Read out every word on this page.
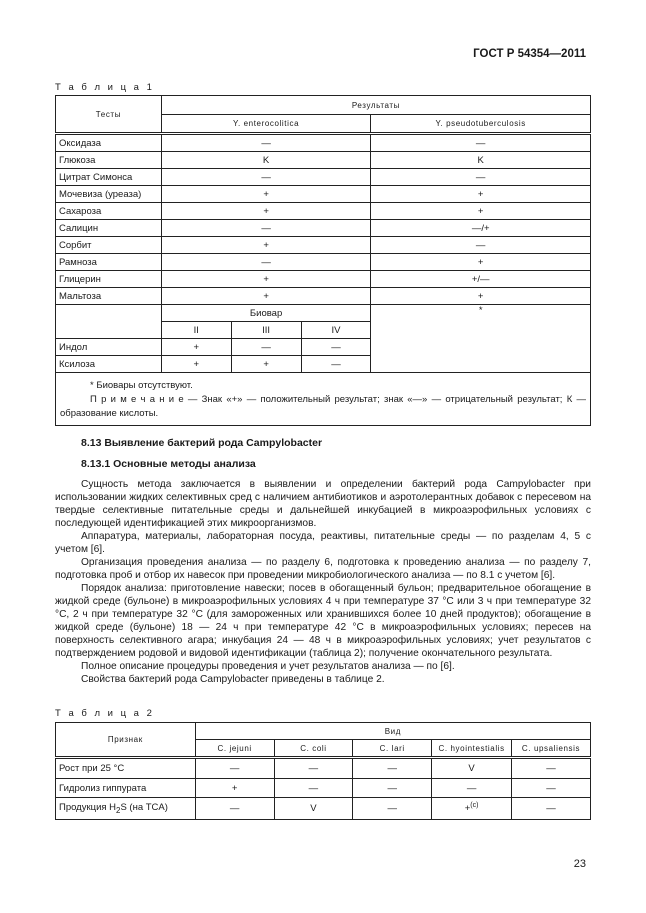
ГОСТ Р 54354—2011
Т а б л и ц а 1
Тесты	Результаты			
	Y. enterocolitica			Y. pseudotuberculosis
Оксидаза	—			—
Глюкоза	K			K
Цитрат Симонса	—			—
Мочевиза (уреаза)	+			+
Сахароза	+			+
Салицин	—			—/+
Сорбит	+			—
Рамноза	—			+
Глицерин	+			+/—
Мальтоза	+			+
	Биовар			*
	II	III	IV	
Индол	+	—	—	
Ксилоза	+	+	—	

* Биовары отсутствуют.
П р и м е ч а н и е — Знак «+» — положительный результат; знак «—» — отрицательный результат; К — образование кислоты.				
8.13 Выявление бактерий рода Campylobacter
8.13.1 Основные методы анализа

Сущность метода заключается в выявлении и определении бактерий рода Campylobacter при использовании жидких селективных сред с наличием антибиотиков и аэротолерантных добавок с пересевом на твердые селективные питательные среды и дальнейшей инкубацией в микроаэрофильных условиях с последующей идентификацией этих микроорганизмов.

Аппаратура, материалы, лабораторная посуда, реактивы, питательные среды — по разделам 4, 5 с учетом [6].

Организация проведения анализа — по разделу 6, подготовка к проведению анализа — по разделу 7, подготовка проб и отбор их навесок при проведении микробиологического анализа — по 8.1 с учетом [6].

Порядок анализа: приготовление навески; посев в обогащенный бульон; предварительное обогащение в жидкой среде (бульоне) в микроаэрофильных условиях 4 ч при температуре 37 °С или 3 ч при температуре 32 °С, 2 ч при температуре 32 °С (для замороженных или хранившихся более 10 дней продуктов); обогащение в жидкой среде (бульоне) 18 — 24 ч при температуре 42 °С в микроаэрофильных условиях; пересев на поверхность селективного агара; инкубация 24 — 48 ч в микроаэрофильных условиях; учет результатов с подтверждением родовой и видовой идентификации (таблица 2); получение окончательного результата.

Полное описание процедуры проведения и учет результатов анализа — по [6].

Свойства бактерий рода Campylobacter приведены в таблице 2.

Т а б л и ц а 2
Признак	Вид				
	C. jejuni	C. coli	C. lari	C. hyointestialis	C. upsaliensis
Рост при 25 °С	—	—	—	V	—
Гидролиз гиппурата	+	—	—	—	—
Продукция $H_2S$ (на TCA)	—	V	—	+$^{(с)}$	—
23
